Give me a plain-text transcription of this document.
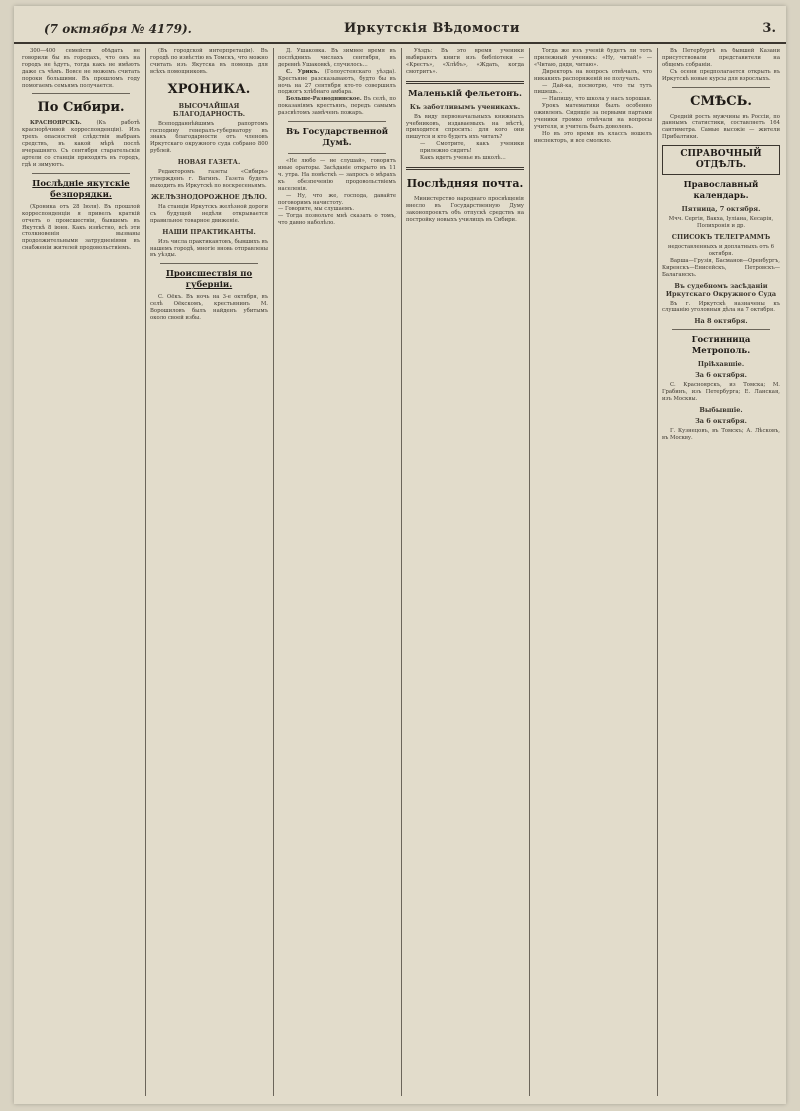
(7 октября № 4179).	Иркутскія Вѣдомости	3.

300—400 семейств обѣдать не говорили бы въ городахъ, что онъ на городъ не ѣдутъ, тогда какъ не имѣютъ даже съ чѣмъ. Вовсе не можемъ считать пороки большими. Въ прошломъ году помогаемъ семьямъ получается.

По Сибири.

КРАСНОЯРСКЪ.	(Къ работѣ краснорѣчивой корреспонденціи). Изъ трехъ опасностей слѣдствія выбранъ средствъ, въ какой мѣрѣ послѣ вчерашняго. Съ сентября старательскія артели со станціи приходятъ въ городъ, гдѣ и зимуютъ.

Послѣдніе якутскіе безпорядки.

(Хроника отъ 28 Іюля). Въ прошлой корреспонденціи я привелъ краткій отчетъ о происшествіи, бывшемъ въ Якутскѣ 8 іюня. Какъ извѣстно, всѣ эти столкновенія вызваны продолжительными затрудненіями въ снабженіи жителей продовольствіемъ.

(Въ городской интерпретаціи). Въ городѣ по извѣстію въ Томскъ, что можно считать изъ Якутска въ помощь для всѣхъ помощниковъ.

ХРОНИКА.
ВЫСОЧАЙШАЯ БЛАГОДАРНОСТЬ.

Всеподданнѣйшимъ рапортомъ господину генералъ-губернатору въ знакъ благодарности отъ членовъ Иркутскаго окружного суда собрано 800 рублей.

НОВАЯ ГАЗЕТА.

Редакторомъ газеты «Сибирь» утвержденъ г. Вагинъ. Газета будетъ выходить въ Иркутскѣ по воскресеньямъ.

ЖЕЛѢЗНОДОРОЖНОЕ ДѢЛО.

На станціи Иркутскъ желѣзной дороги съ будущей недѣли открывается правильное товарное движеніе.

НАШИ ПРАКТИКАНТЫ.

Изъ числа практикантовъ, бывшихъ въ нашемъ городѣ, многіе вновь отправлены въ уѣзды.

Происшествія по губерніи.

С. Оёкъ. Въ ночь на 3-е октября, въ селѣ Оёкскомъ, крестьянинъ М. Ворошиловъ былъ найденъ убитымъ около своей избы.

Д. Ушаковка. Въ зимнее время въ послѣднихъ числахъ сентября, въ деревнѣ Ушаковкѣ, случилось…

С. Урикъ. (Голоустенскаго уѣзда). Крестьяне разсказываютъ, будто бы въ ночь на 27 сентября кто-то совершилъ поджогъ хлѣбнаго амбара.

Больше-Разводнинское. Въ селѣ, по показаніямъ крестьянъ, передъ самымъ разсвѣтомъ замѣченъ пожаръ.

Въ Государственной Думѣ.

«Не любо — не слушай», говорятъ иные ораторы. Засѣданіе открыто въ 11 ч. утра. На повѣсткѣ — запросъ о мѣрахъ къ обезпеченію продовольствіемъ населенія.

— Ну, что же, господа, давайте поговоримъ начистоту.
— Говорите, мы слушаемъ.
— Тогда позвольте мнѣ сказать о томъ, что давно наболѣло.

Уѣздъ: Въ это время ученики выбираютъ книги изъ библіотеки — «Крестъ», «Хлѣбъ», «Ждать, когда смотритъ».

Маленькій фельетонъ.
Къ заботливымъ ученикахъ.

Въ виду первоначальныхъ книжныхъ учебниковъ, издаваемыхъ на мѣстѣ, приходится спросить: для кого они пишутся и кто будетъ ихъ читать?

— Смотрите, какъ ученики прилежно сидятъ!

Какъ идетъ ученье въ школѣ…

Послѣдняя почта.

Министерство народнаго просвѣщенія внесло въ Государственную Думу законопроектъ объ отпускѣ средствъ на постройку новыхъ училищъ въ Сибири.

Тогда же изъ ученій будетъ ли тотъ прилежный ученикъ: «Ну, читай!» — «Читаю, дядя, читаю».

Директоръ на вопросъ отвѣчалъ, что никакихъ распоряженій не получалъ.

— Дай-ка, посмотрю, что ты тутъ пишешь…

— Напишу, что школа у насъ хорошая.

Урокъ математики былъ особенно оживленъ. Сидящіе за первыми партами ученики громко отвѣчали на вопросы учителя, и учитель былъ доволенъ.

Но въ это время въ классъ вошелъ инспекторъ, и все смолкло.

Въ Петербургѣ въ бывшей Казани присутствовали представители на общемъ собраніи.

Съ осени предполагается открыть въ Иркутскѣ новые курсы для взрослыхъ.

СМѢСЬ.

Средній рость мужчины въ Россіи, по даннымъ статистики, составляетъ 164 сантиметра. Самые высокіе — жители Прибалтики.

СПРАВОЧНЫЙ ОТДѢЛЪ.
Православный календарь.
Пятница, 7 октября.

Мчч. Сергія, Вакха, Іуліана, Кесарія, Полихронія и др.

СПИСОКЪ ТЕЛЕГРАММЪ

недоставленныхъ и доплатныхъ отъ 6 октября.

Варша—Грузія, Басманов—Оренбургъ, Киренскъ—Енисейскъ, Петровскъ—Балаганскъ.

Въ судебномъ засѣданіи Иркутскаго Окружного Суда

Въ г. Иркутскѣ назначены къ слушанію уголовныя дѣла на 7 октября.

На 8 октября.
Гостинница Метрополь.
Пріѣхавшіе.
За 6 октября.

С. Красноярскъ, из Томска; М. Грабинъ, изъ Петербурга; Е. Ланская, изъ Москвы.

Выбывшіе.
За 6 октября.

Г. Кузнецовъ, въ Томскъ; А. Лѣсковъ, въ Москву.
